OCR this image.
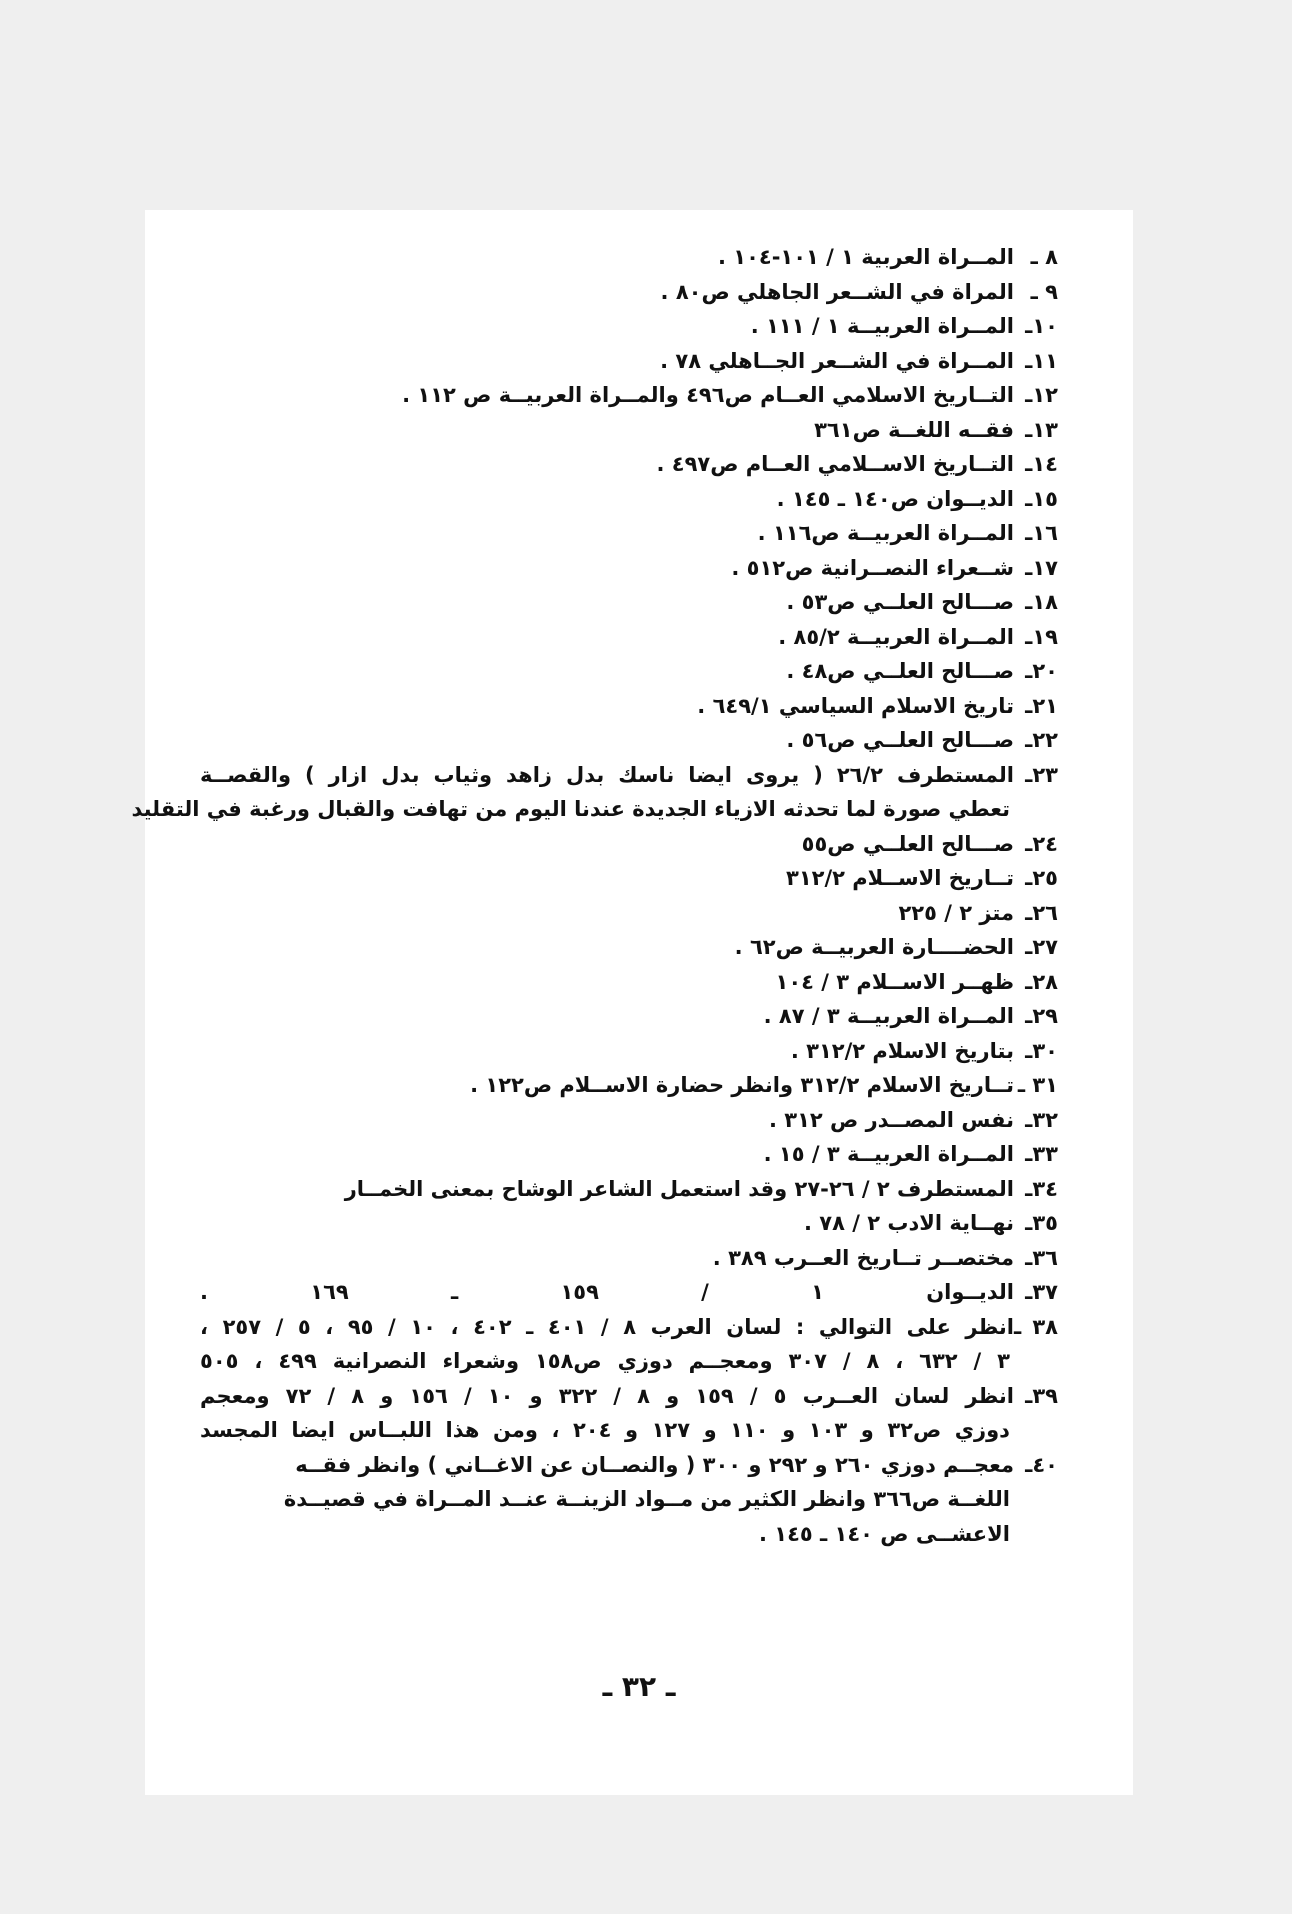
٨ ـالمــراة العربية ١ / ١٠١-١٠٤ .
٩ ـالمراة في الشــعر الجاهلي ص٨٠ .
١٠ـالمــراة العربيــة ١ / ١١١ .
١١ـالمــراة في الشــعر الجــاهلي ٧٨ .
١٢ـالتــاريخ الاسلامي العــام ص٤٩٦ والمــراة العربيــة ص ١١٢ .
١٣ـفقــه اللغــة ص٣٦١
١٤ـالتــاريخ الاســلامي العــام ص٤٩٧ .
١٥ـالديــوان ص١٤٠ ـ ١٤٥ .
١٦ـالمــراة العربيــة ص١١٦ .
١٧ـشــعراء النصــرانية ص٥١٢ .
١٨ـصـــالح العلــي ص٥٣ .
١٩ـالمــراة العربيــة ٨٥/٢ .
٢٠ـصـــالح العلــي ص٤٨ .
٢١ـتاريخ الاسلام السياسي ٦٤٩/١ .
٢٢ـصـــالح العلــي ص٥٦ .
٢٣ـالمستطرف ٢٦/٢ ( يروى ايضا ناسك بدل زاهد وثياب بدل ازار ) والقصــة
تعطي صورة لما تحدثه الازياء الجديدة عندنا اليوم من تهافت والقبال ورغبة في التقليد
٢٤ـصـــالح العلــي ص٥٥
٢٥ـتــاريخ الاســلام ٣١٢/٢
٢٦ـمتز ٢ / ٢٢٥
٢٧ـالحضــــارة العربيــة ص٦٢ .
٢٨ـظهــر الاســلام ٣ / ١٠٤
٢٩ـالمــراة العربيــة ٣ / ٨٧ .
٣٠ـبتاريخ الاسلام ٣١٢/٢ .
٣١ ـتــاريخ الاسلام ٣١٢/٢ وانظر حضارة الاســلام ص١٢٢ .
٣٢ـنفس المصــدر ص ٣١٢ .
٣٣ـالمــراة العربيــة ٣ / ١٥ .
٣٤ـالمستطرف ٢ / ٢٦-٢٧ وقد استعمل الشاعر الوشاح بمعنى الخمــار
٣٥ـنهــاية الادب ٢ / ٧٨ .
٣٦ـمختصــر تــاريخ العــرب ٣٨٩ .
٣٧ـالديــوان ١ / ١٥٩ ـ ١٦٩ .
٣٨ ـانظر على التوالي : لسان العرب ٨ / ٤٠١ ـ ٤٠٢ ، ١٠ / ٩٥ ، ٥ / ٢٥٧ ،
٣ / ٦٣٢ ، ٨ / ٣٠٧ ومعجــم دوزي ص١٥٨ وشعراء النصرانية ٤٩٩ ، ٥٠٥
٣٩ـانظر لسان العــرب ٥ / ١٥٩ و ٨ / ٣٢٢ و ١٠ / ١٥٦ و ٨ / ٧٢ ومعجم
دوزي ص٣٢ و ١٠٣ و ١١٠ و ١٢٧ و ٢٠٤ ، ومن هذا اللبــاس ايضا المجسد
٤٠ـمعجــم دوزي ٢٦٠ و ٢٩٢ و ٣٠٠ ( والنصــان عن الاغــاني ) وانظر فقــه
اللغــة ص٣٦٦ وانظر الكثير من مــواد الزينــة عنــد المــراة في قصيــدة
الاعشــى ص ١٤٠ ـ ١٤٥ .
ـ ٣٢ ـ
